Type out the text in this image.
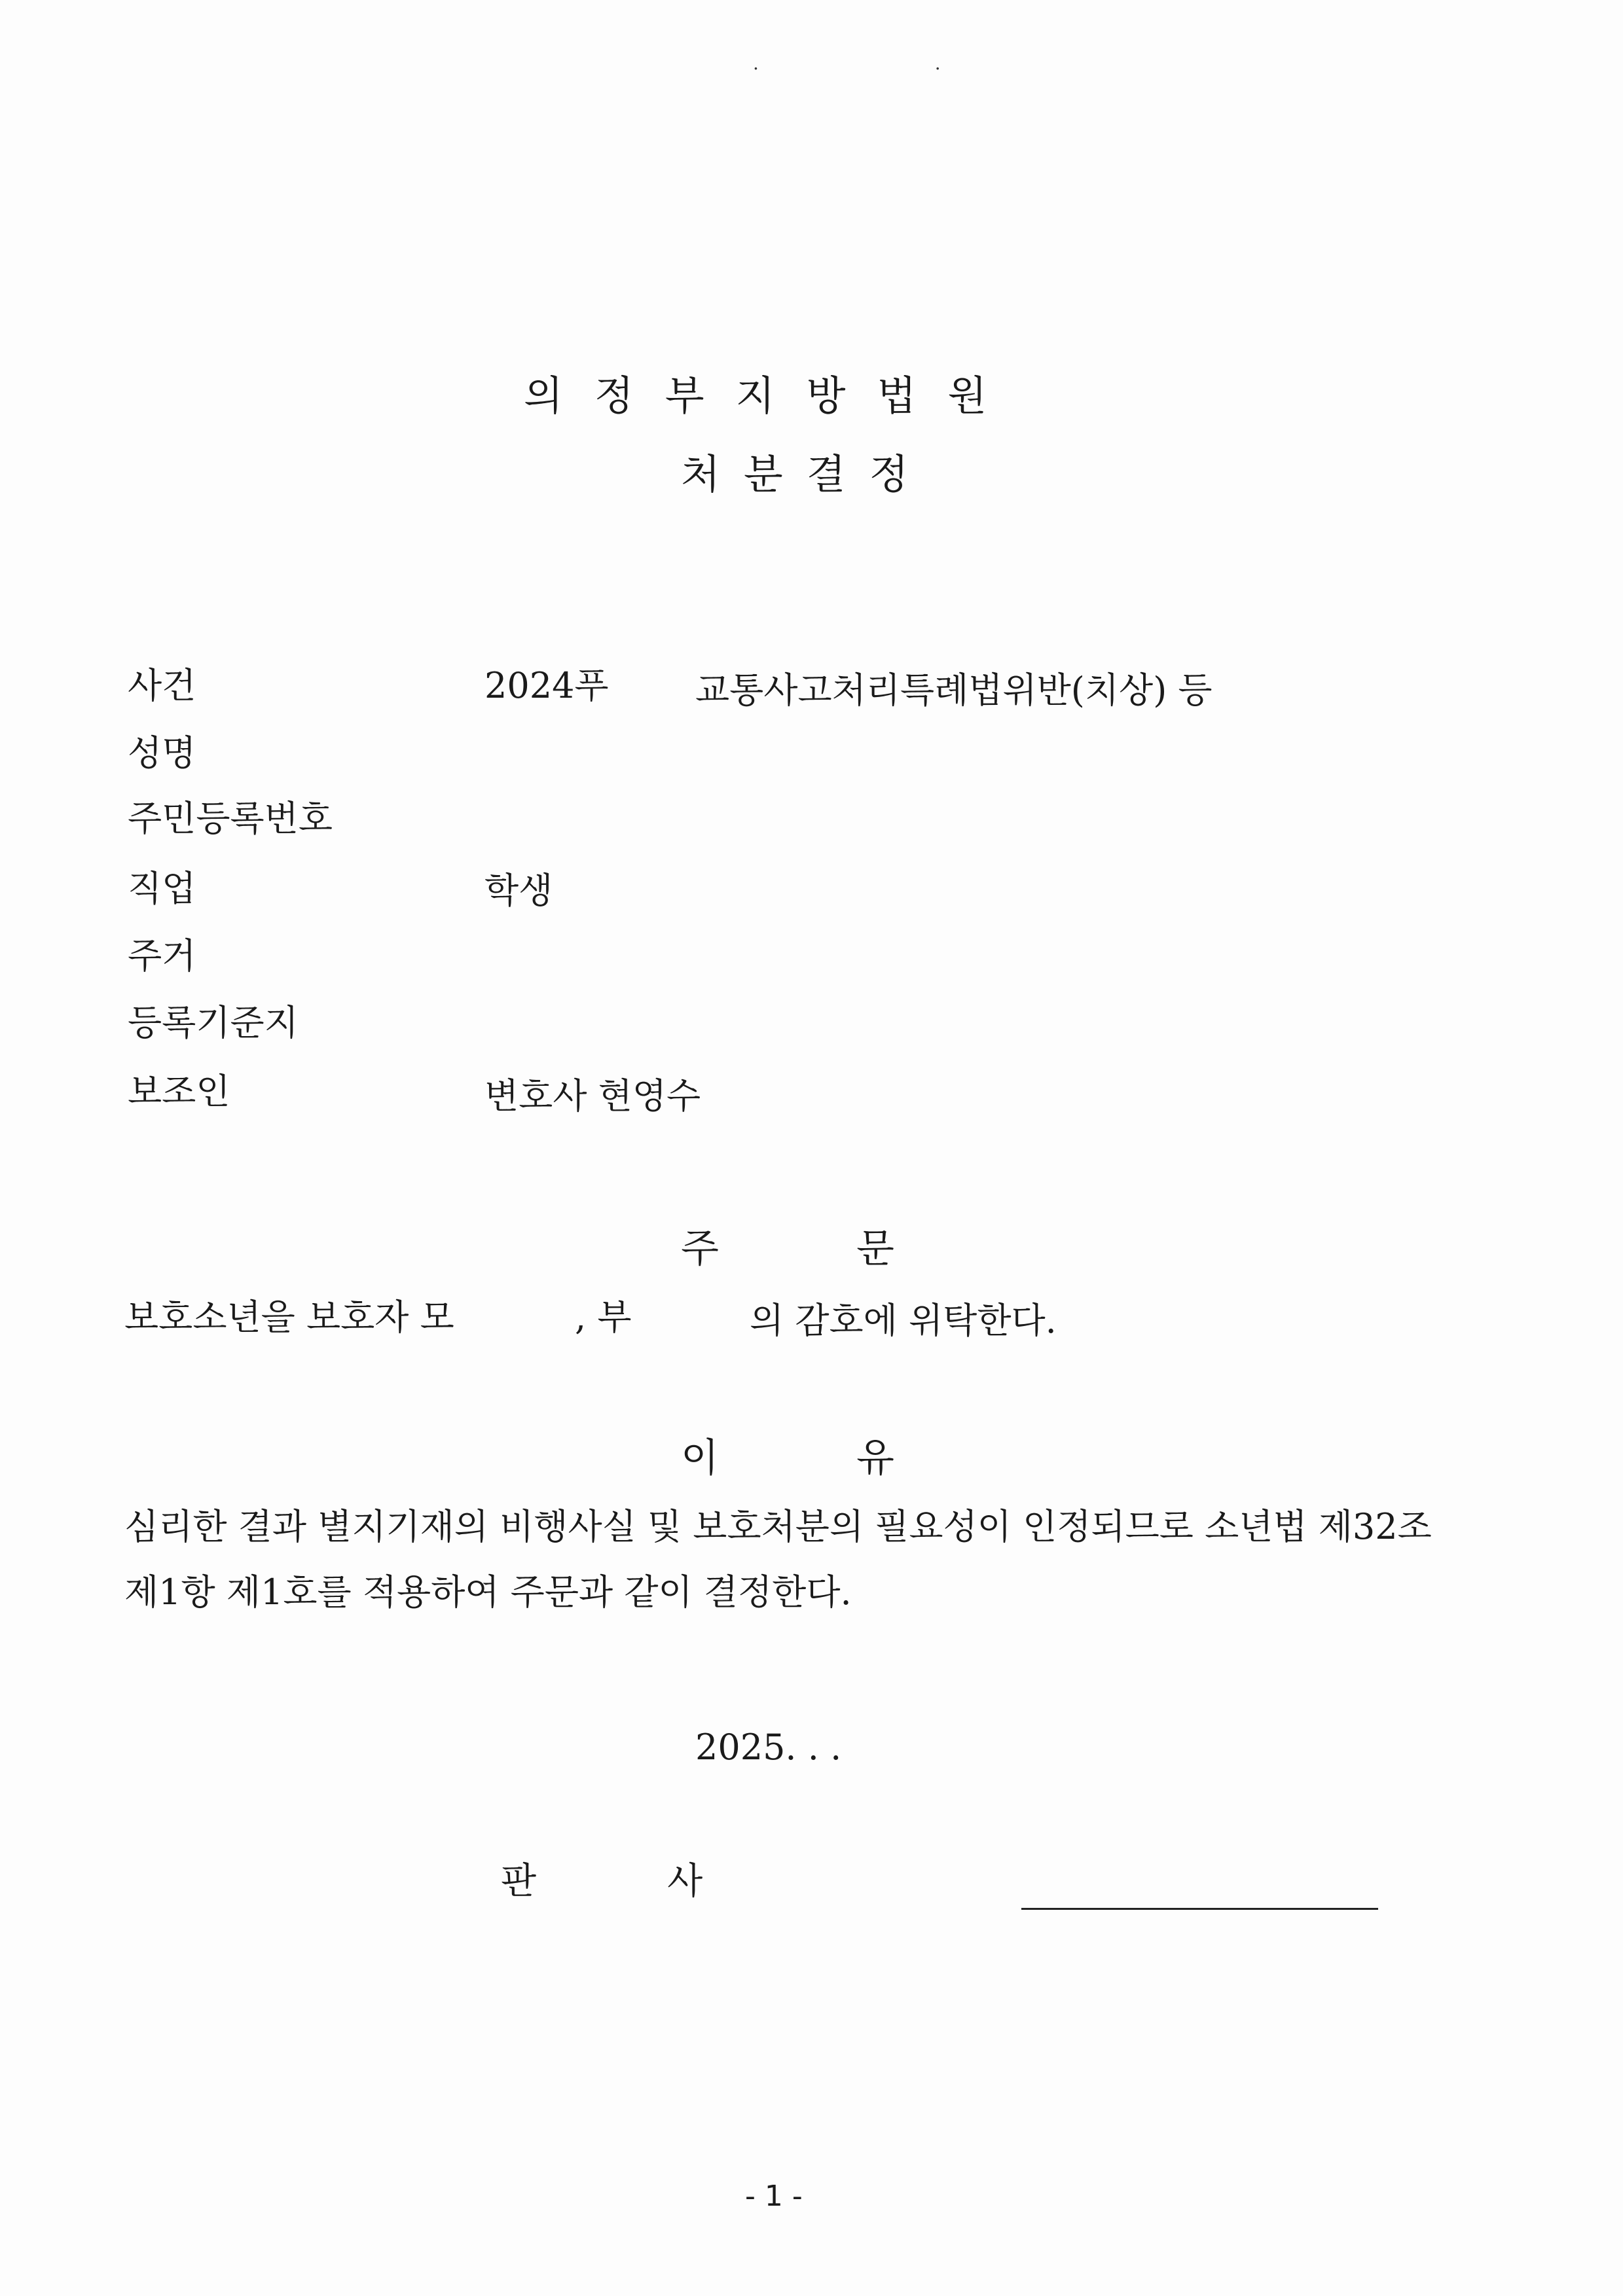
. .
의정부지방법원
처분결정
사건	2024푸 교통사고처리특례법위반(치상) 등
성명
주민등록번호
직업	학생
주거
등록기준지
보조인	변호사 현영수
주문
보호소년을 보호자 모	, 부	의 감호에 위탁한다.
이유
심리한 결과 별지기재의 비행사실 및 보호처분의 필요성이 인정되므로 소년법 제32조
제1항 제1호를 적용하여 주문과 같이 결정한다.
2025. . .
판사
- 1 -
